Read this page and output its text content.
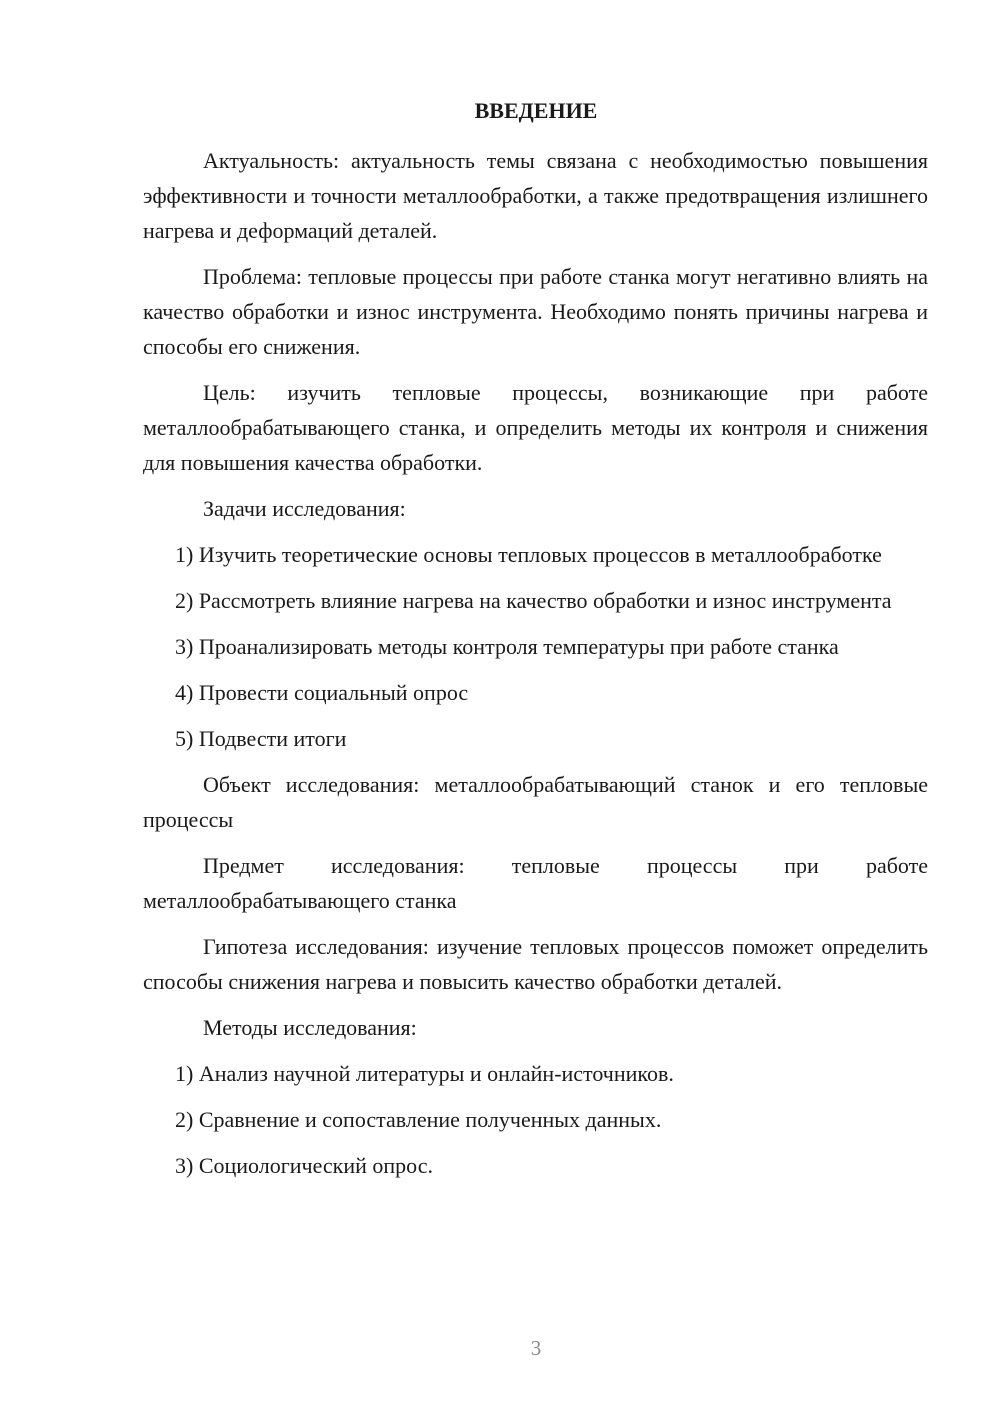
ВВЕДЕНИЕ

Актуальность: актуальность темы связана с необходимостью повышения эффективности и точности металлообработки, а также предотвращения излишнего нагрева и деформаций деталей.

Проблема: тепловые процессы при работе станка могут негативно влиять на качество обработки и износ инструмента. Необходимо понять причины нагрева и способы его снижения.

Цель: изучить тепловые процессы, возникающие при работе металлообрабатывающего станка, и определить методы их контроля и снижения для повышения качества обработки.

Задачи исследования:

1) Изучить теоретические основы тепловых процессов в металлообработке

2) Рассмотреть влияние нагрева на качество обработки и износ инструмента

3) Проанализировать методы контроля температуры при работе станка

4) Провести социальный опрос

5) Подвести итоги

Объект исследования: металлообрабатывающий станок и его тепловые процессы

Предмет исследования: тепловые процессы при работе металлообрабатывающего станка

Гипотеза исследования: изучение тепловых процессов поможет определить способы снижения нагрева и повысить качество обработки деталей.

Методы исследования:

1) Анализ научной литературы и онлайн-источников.

2) Сравнение и сопоставление полученных данных.

3) Социологический опрос.

3
